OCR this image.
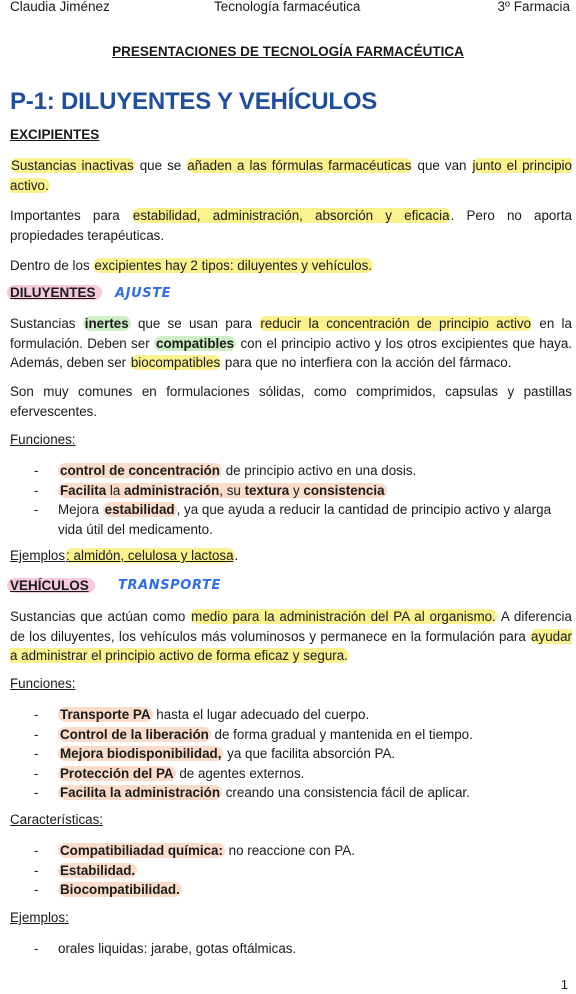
Claudia Jiménez	Tecnología farmacéutica	3º Farmacia
PRESENTACIONES DE TECNOLOGÍA FARMACÉUTICA
P-1: DILUYENTES Y VEHÍCULOS
EXCIPIENTES

Sustancias inactivas que se añaden a las fórmulas farmacéuticas que van junto el principio activo.

Importantes para estabilidad, administración, absorción y eficacia. Pero no aporta propiedades terapéuticas.

Dentro de los excipientes hay 2 tipos: diluyentes y vehículos.

DILUYENTES	AJUSTE

Sustancias inertes que se usan para reducir la concentración de principio activo en la formulación. Deben ser compatibles con el principio activo y los otros excipientes que haya. Además, deben ser biocompatibles para que no interfiera con la acción del fármaco.

Son muy comunes en formulaciones sólidas, como comprimidos, capsulas y pastillas efervescentes.

Funciones:
- control de concentración de principio activo en una dosis.
- Facilita la administración, su textura y consistencia
- Mejora estabilidad , ya que ayuda a reducir la cantidad de principio activo y alarga vida útil del medicamento.
Ejemplos: almidón, celulosa y lactosa.
VEHÍCULOS	TRANSPORTE

Sustancias que actúan como medio para la administración del PA al organismo. A diferencia de los diluyentes, los vehículos más voluminosos y permanece en la formulación para ayudar a administrar el principio activo de forma eficaz y segura.

Funciones:
- Transporte PA hasta el lugar adecuado del cuerpo.
- Control de la liberación de forma gradual y mantenida en el tiempo.
- Mejora biodisponibilidad, ya que facilita absorción PA.
- Protección del PA de agentes externos.
- Facilita la administración creando una consistencia fácil de aplicar.
Características:
- Compatibiliadad química: no reaccione con PA.
- Estabilidad.
- Biocompatibilidad.
Ejemplos:
- orales liquidas: jarabe, gotas oftálmicas.
1
